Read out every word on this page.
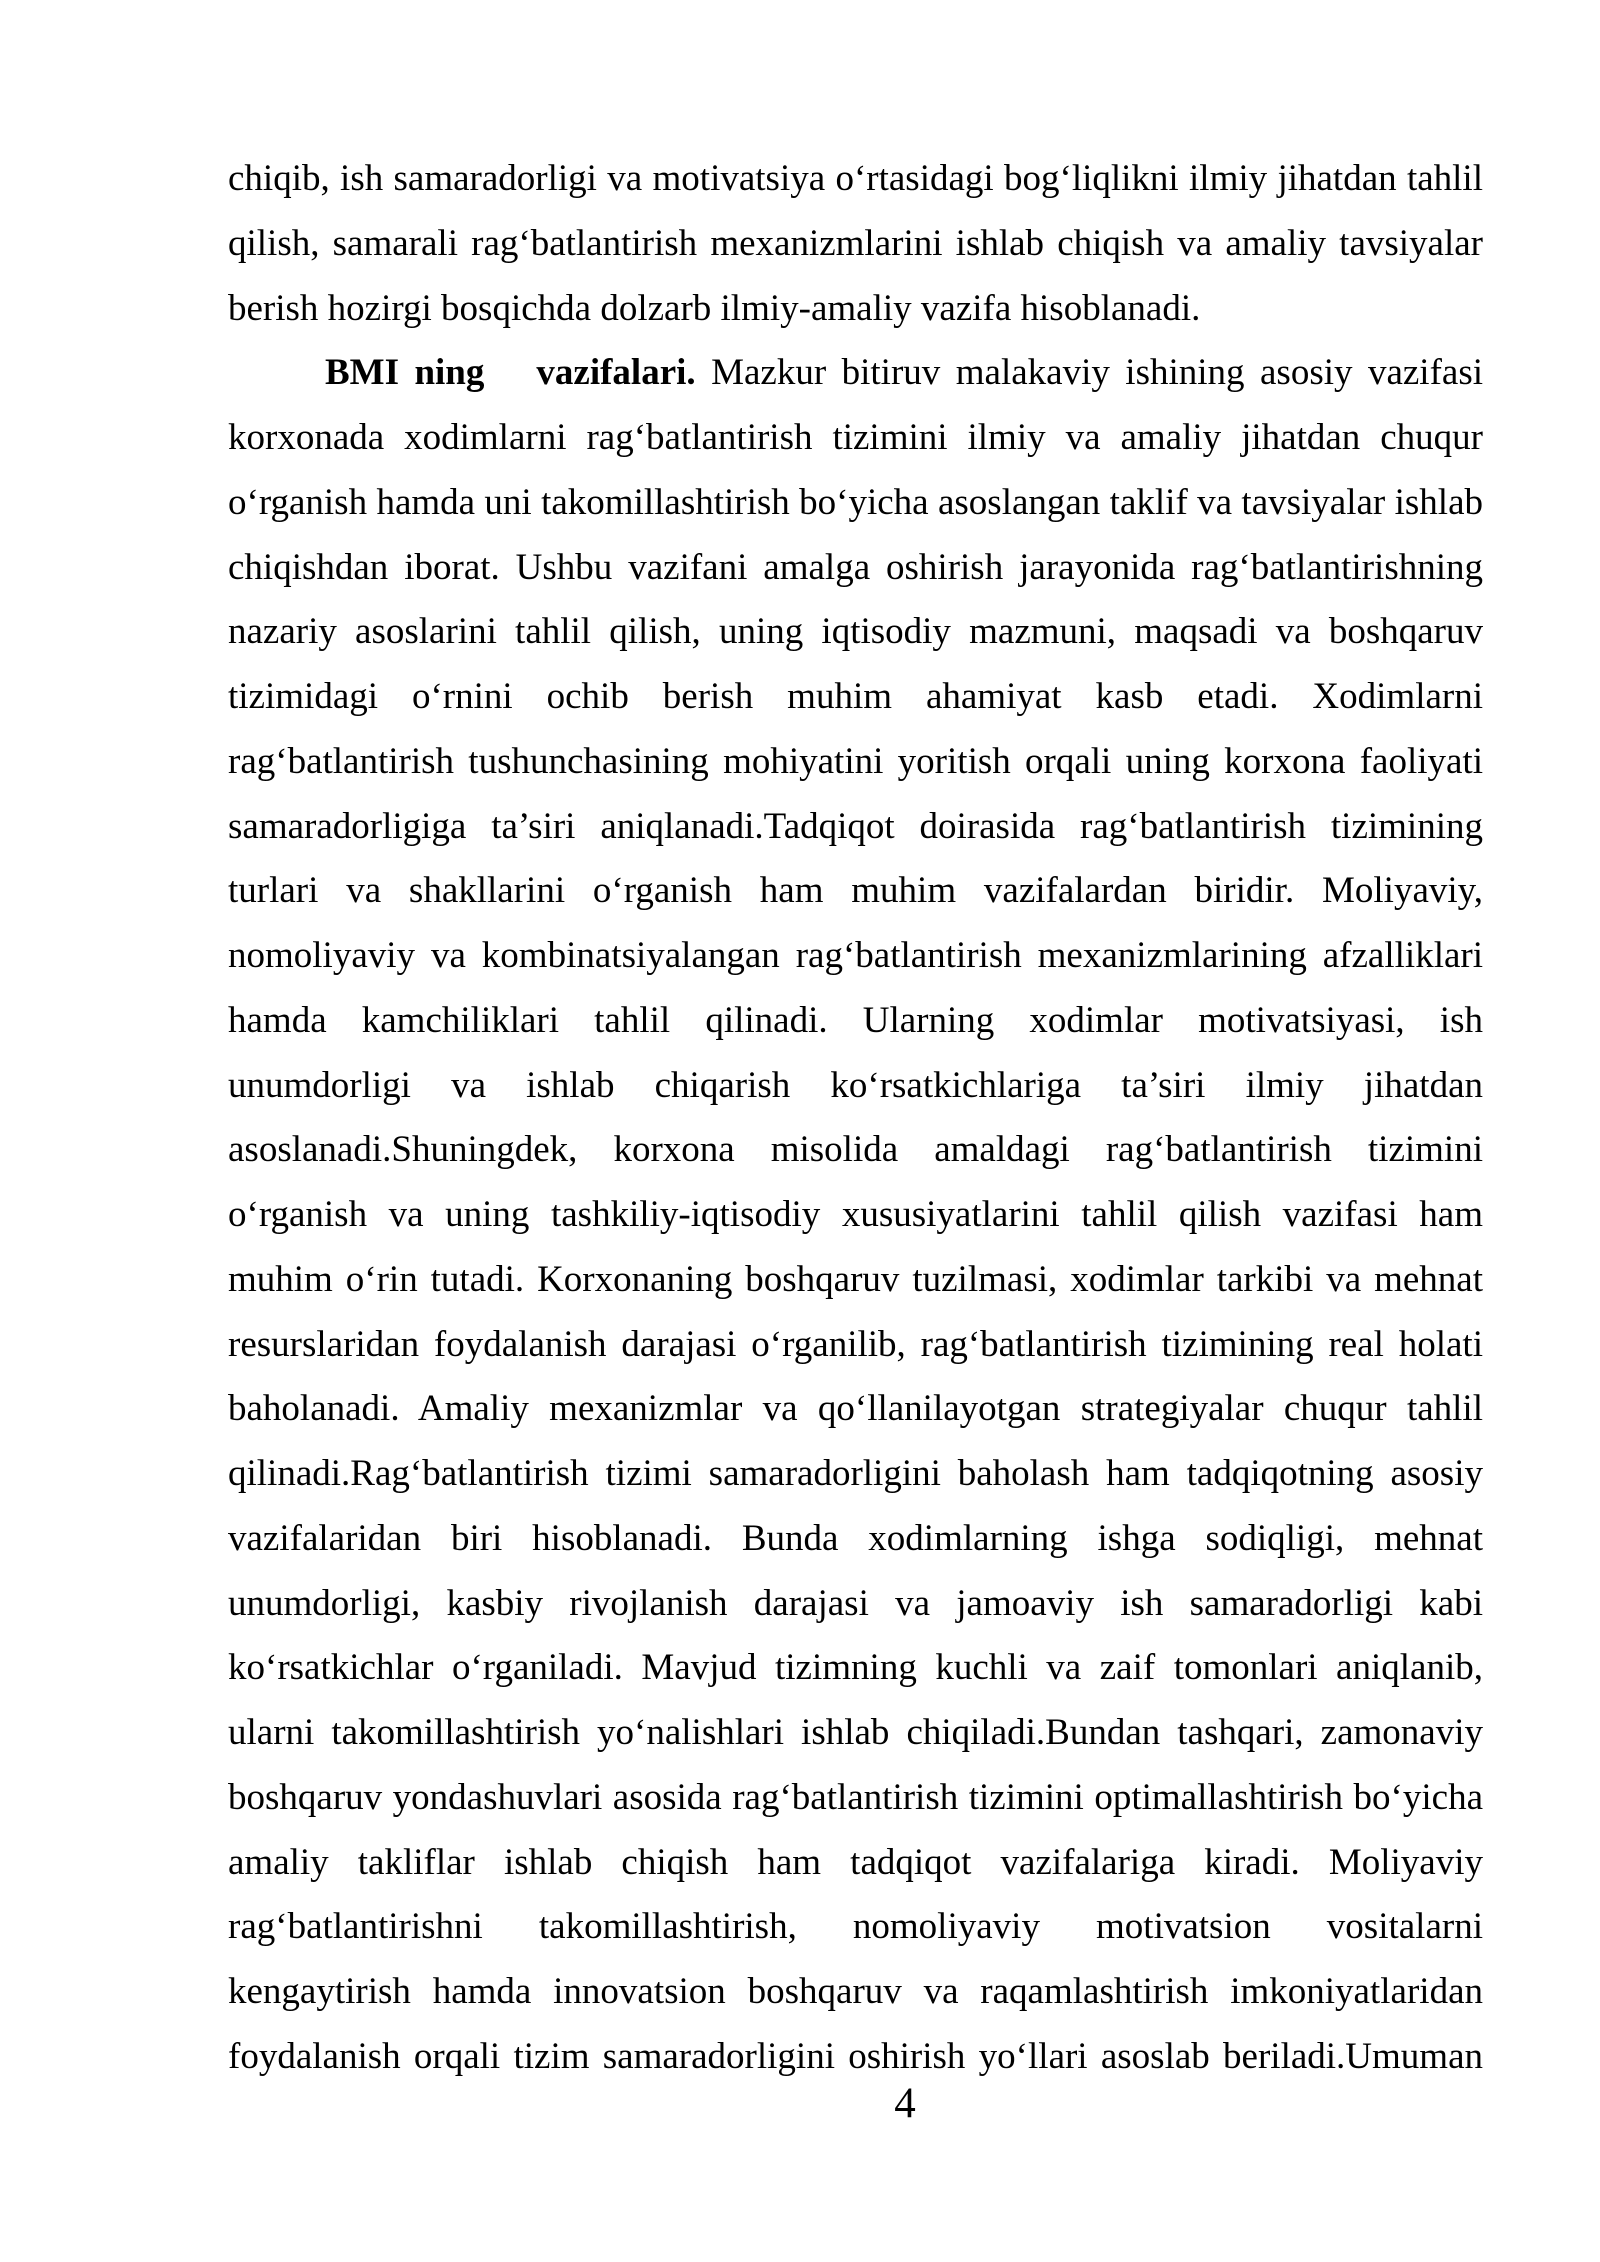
chiqib, ish samaradorligi va motivatsiya o‘rtasidagi bog‘liqlikni ilmiy jihatdan tahlil
qilish, samarali rag‘batlantirish mexanizmlarini ishlab chiqish va amaliy tavsiyalar
berish hozirgi bosqichda dolzarb ilmiy-amaliy vazifa hisoblanadi.
BMI ning vazifalari. Mazkur bitiruv malakaviy ishining asosiy vazifasi
korxonada xodimlarni rag‘batlantirish tizimini ilmiy va amaliy jihatdan chuqur
o‘rganish hamda uni takomillashtirish bo‘yicha asoslangan taklif va tavsiyalar ishlab
chiqishdan iborat. Ushbu vazifani amalga oshirish jarayonida rag‘batlantirishning
nazariy asoslarini tahlil qilish, uning iqtisodiy mazmuni, maqsadi va boshqaruv
tizimidagi o‘rnini ochib berish muhim ahamiyat kasb etadi. Xodimlarni
rag‘batlantirish tushunchasining mohiyatini yoritish orqali uning korxona faoliyati
samaradorligiga ta’siri aniqlanadi.Tadqiqot doirasida rag‘batlantirish tizimining
turlari va shakllarini o‘rganish ham muhim vazifalardan biridir. Moliyaviy,
nomoliyaviy va kombinatsiyalangan rag‘batlantirish mexanizmlarining afzalliklari
hamda kamchiliklari tahlil qilinadi. Ularning xodimlar motivatsiyasi, ish
unumdorligi va ishlab chiqarish ko‘rsatkichlariga ta’siri ilmiy jihatdan
asoslanadi.Shuningdek, korxona misolida amaldagi rag‘batlantirish tizimini
o‘rganish va uning tashkiliy-iqtisodiy xususiyatlarini tahlil qilish vazifasi ham
muhim o‘rin tutadi. Korxonaning boshqaruv tuzilmasi, xodimlar tarkibi va mehnat
resurslaridan foydalanish darajasi o‘rganilib, rag‘batlantirish tizimining real holati
baholanadi. Amaliy mexanizmlar va qo‘llanilayotgan strategiyalar chuqur tahlil
qilinadi.Rag‘batlantirish tizimi samaradorligini baholash ham tadqiqotning asosiy
vazifalaridan biri hisoblanadi. Bunda xodimlarning ishga sodiqligi, mehnat
unumdorligi, kasbiy rivojlanish darajasi va jamoaviy ish samaradorligi kabi
ko‘rsatkichlar o‘rganiladi. Mavjud tizimning kuchli va zaif tomonlari aniqlanib,
ularni takomillashtirish yo‘nalishlari ishlab chiqiladi.Bundan tashqari, zamonaviy
boshqaruv yondashuvlari asosida rag‘batlantirish tizimini optimallashtirish bo‘yicha
amaliy takliflar ishlab chiqish ham tadqiqot vazifalariga kiradi. Moliyaviy
rag‘batlantirishni takomillashtirish, nomoliyaviy motivatsion vositalarni
kengaytirish hamda innovatsion boshqaruv va raqamlashtirish imkoniyatlaridan
foydalanish orqali tizim samaradorligini oshirish yo‘llari asoslab beriladi.Umuman
4
